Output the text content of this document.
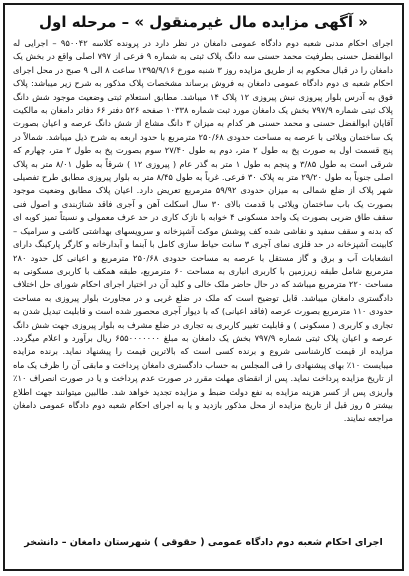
« آگهی مزایده مال غیرمنقول » – مرحله اول
اجرای احکام مدنی شعبه دوم دادگاه عمومی دامغان در نظر دارد در پرونده کلاسه ۹۵۰۰۴۲ – اجرایی له ابوالفضل حسنی بطرفیت محمد حسنی سه دانگ پلاک ثبتی به شماره ۹ فرعی از ۷۹۷ اصلی واقع در بخش یک دامغان را در قبال محکوم به از طریق مزایده روز ۳ شنبه مورخ ۱۳۹۵/۹/۱۶ ساعت ۸ الی ۹ صبح در محل اجرای احکام شعبه ی دوم دادگاه عمومی دامغان به فروش برساند مشخصات پلاک مذکور به شرح زیر میباشد: پلاک فوق به آدرس بلوار پیروزی نبش پیروزی ۱۲ پلاک ۱۴ میباشد. مطابق استعلام ثبتی وضعیت موجود شش دانگ پلاک ثبتی شماره ۷۹۷/۹ بخش یک دامغان مورد ثبت شماره ۱۰۳۳۸ صفحه ۵۲۶ دفتر ۶۶ دفاتر دامغان به مالکیت آقایان ابوالفضل حسنی و محمد حسنی هر کدام به میزان ۳ دانگ مشاع از شش دانگ عرصه و اعیان بصورت یک ساختمان ویلائی با عرصه به مساحت حدودی ۲۵۰/۶۸ مترمربع با حدود اربعه به شرح ذیل میباشد. شمالاً در پنج قسمت اول به صورت پخ به طول ۲ متر، دوم به طول ۲۷/۴۰ سوم بصورت پخ به طول ۲ متر، چهارم که شرقی است به طول ۳/۸۵ و پنجم به طول ۱ متر به گذر عام ( پیروزی ۱۲ ) شرقاً به طول ۸/۰۱ متر به پلاک اصلی جنوباً به طول ۲۹/۲۰ متر به پلاک ۳۰ فرعی. غرباً به طول ۸/۴۵ متر به بلوار پیروزی مطابق طرح تفصیلی شهر پلاک از ضلع شمالی به میزان حدودی ۵۹/۹۲ مترمربع تعریض دارد. اعیان پلاک مطابق وضعیت موجود بصورت یک باب ساختمان ویلائی با قدمت بالای ۳۰ سال اسکلت آهن و آجری فاقد شناژبندی و اصول فنی سقف طاق ضربی بصورت یک واحد مسکونی ۴ خوابه با نازک کاری در حد عرف معمولی و نسبتاً تمیز کوبه ای که بدنه و سقف سفید و نقاشی شده کف پوشش موکت آشپزخانه و سرویسهای بهداشتی کاشی و سرامیک – کابینت آشپزخانه در حد فلزی نمای آجری ۳ سانت حیاط سازی کامل با آبنما و آبدارخانه و کارگر پارکینگ دارای انشعابات آب و برق و گاز مستقل با عرصه به مساحت حدودی ۲۵۰/۶۸ مترمربع و اعیانی کل حدود ۲۸۰ مترمربع شامل طبقه زیرزمین با کاربری انباری به مساحت ۶۰ مترمربع، طبقه همکف با کاربری مسکونی به مساحت ۲۲۰ مترمربع میباشد که در حال حاضر ملک خالی و کلید آن در اختیار اجرای احکام شورای حل اختلاف دادگستری دامغان میباشد. قابل توضیح است که ملک در ضلع غربی و در مجاورت بلوار پیروزی به مساحت حدودی ۱۱۰ مترمربع بصورت عرصه (فاقد اعیانی) که با دیوار آجری محصور شده است و قابلیت تبدیل شدن به تجاری و کاربری ( مسکونی ) و قابلیت تغییر کاربری به تجاری در ضلع مشرف به بلوار پیروزی جهت شش دانگ عرصه و اعیان پلاک ثبتی شماره ۷۹۷/۹ بخش یک دامغان به مبلغ ۶۵۵۰۰۰۰۰۰۰ ریال برآورد و اعلام میگردد. مزایده از قیمت کارشناسی شروع و برنده کسی است که بالاترین قیمت را پیشنهاد نماید. برنده مزایده میبایست ۱۰٪ بهای پیشنهادی را فی المجلس به حساب دادگستری دامغان پرداخت و مابقی آن را ظرف یک ماه از تاریخ مزایده پرداخت نماید. پس از انقضای مهلت مقرر در صورت عدم پرداخت و یا در صورت انصراف ۱۰٪ واریزی پس از کسر هزینه مزایده به نفع دولت ضبط و مزایده تجدید خواهد شد. طالبین میتوانند جهت اطلاع بیشتر ۵ روز قبل از تاریخ مزایده از محل مذکور بازدید و یا به اجرای احکام شعبه دوم دادگاه عمومی دامغان مراجعه نمایند.
اجرای احکام شعبه دوم دادگاه عمومی ( حقوقی ) شهرستان دامغان – دانشخر
